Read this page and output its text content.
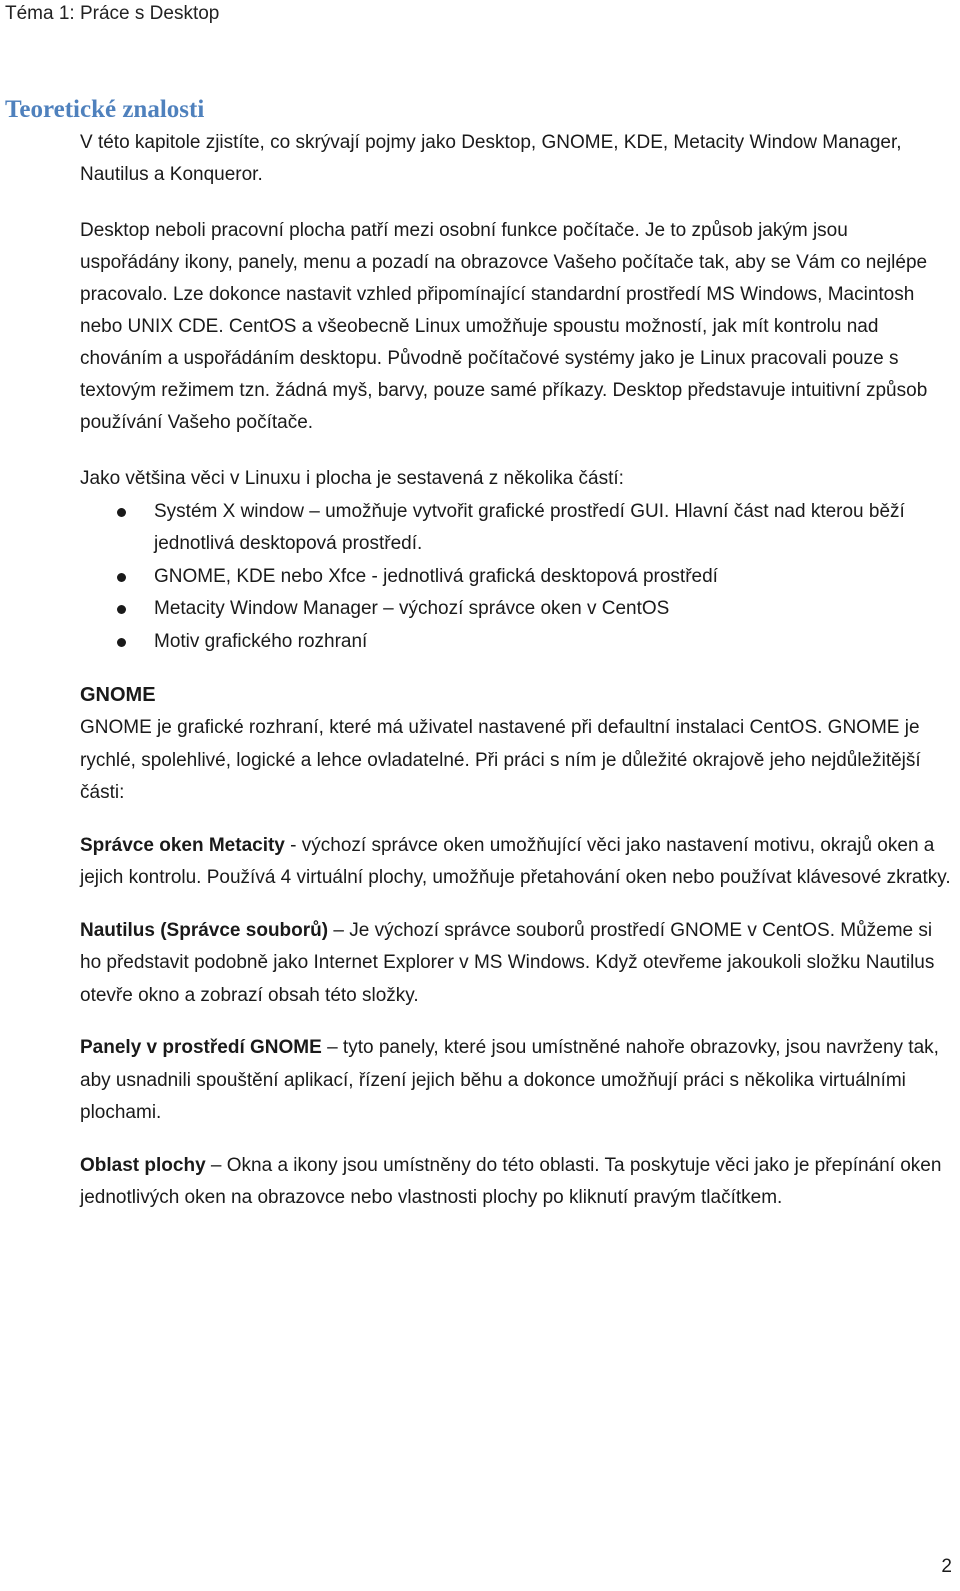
Téma 1: Práce s Desktop
Teoretické znalosti

V této kapitole zjistíte, co skrývají pojmy jako Desktop, GNOME, KDE, Metacity Window Manager, Nautilus a Konqueror.

Desktop neboli pracovní plocha patří mezi osobní funkce počítače. Je to způsob jakým jsou uspořádány ikony, panely, menu a pozadí na obrazovce Vašeho počítače tak, aby se Vám co nejlépe pracovalo. Lze dokonce nastavit vzhled připomínající standardní prostředí MS Windows, Macintosh nebo UNIX CDE. CentOS a všeobecně Linux umožňuje spoustu možností, jak mít kontrolu nad chováním a uspořádáním desktopu. Původně počítačové systémy jako je Linux pracovali pouze s textovým režimem tzn. žádná myš, barvy, pouze samé příkazy. Desktop představuje intuitivní způsob používání Vašeho počítače.

Jako většina věci v Linuxu i plocha je sestavená z několika částí:

Systém X window – umožňuje vytvořit grafické prostředí GUI. Hlavní část nad kterou běží jednotlivá desktopová prostředí.
GNOME, KDE nebo Xfce - jednotlivá grafická desktopová prostředí
Metacity Window Manager – výchozí správce oken v CentOS
Motiv grafického rozhraní

GNOME

GNOME je grafické rozhraní, které má uživatel nastavené při defaultní instalaci CentOS. GNOME je rychlé, spolehlivé, logické a lehce ovladatelné. Při práci s ním je důležité okrajově jeho nejdůležitější části:

Správce oken Metacity - výchozí správce oken umožňující věci jako nastavení motivu, okrajů oken a jejich kontrolu. Používá 4 virtuální plochy, umožňuje přetahování oken nebo používat klávesové zkratky.

Nautilus (Správce souborů) – Je výchozí správce souborů prostředí GNOME v CentOS. Můžeme si ho představit podobně jako Internet Explorer v MS Windows. Když otevřeme jakoukoli složku Nautilus otevře okno a zobrazí obsah této složky.

Panely v prostředí GNOME – tyto panely, které jsou umístněné nahoře obrazovky, jsou navrženy tak, aby usnadnili spouštění aplikací, řízení jejich běhu a dokonce umožňují práci s několika virtuálními plochami.

Oblast plochy – Okna a ikony jsou umístněny do této oblasti. Ta poskytuje věci jako je přepínání oken jednotlivých oken na obrazovce nebo vlastnosti plochy po kliknutí pravým tlačítkem.

2
